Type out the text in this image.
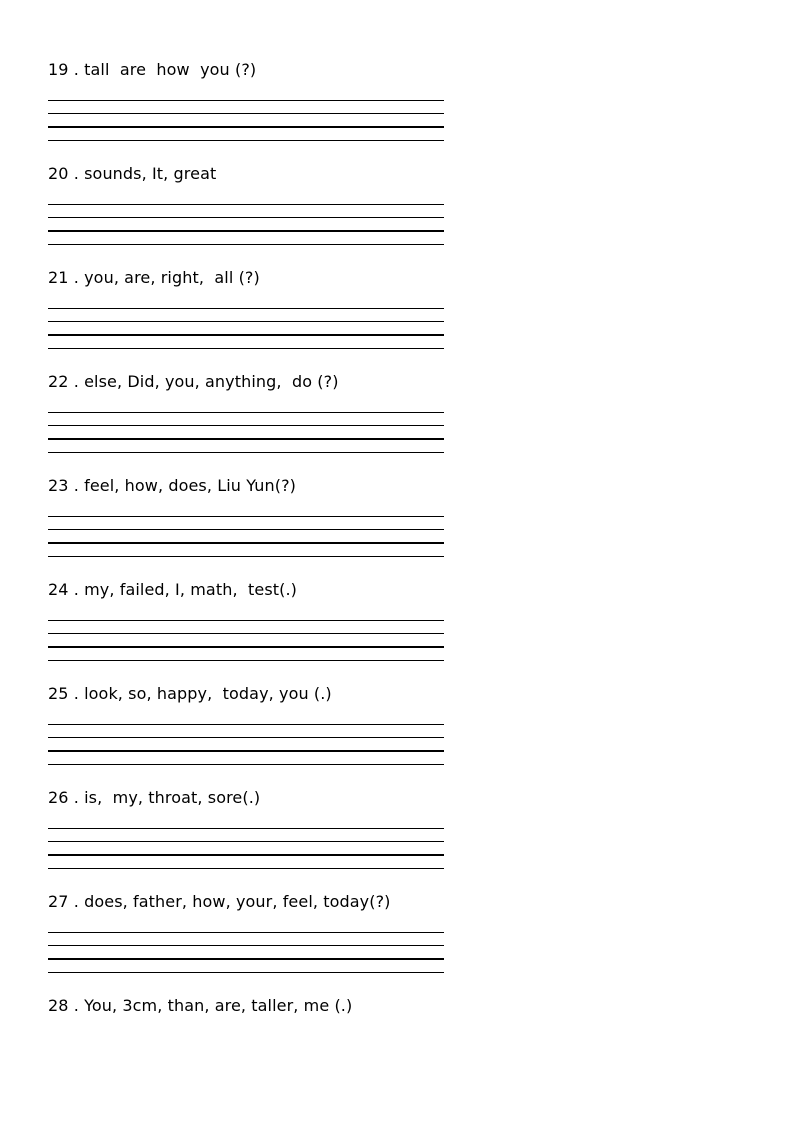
19 . tall  are  how  you (?)
20 . sounds, It, great
21 . you, are, right,  all (?)
22 . else, Did, you, anything,  do (?)
23 . feel, how, does, Liu Yun(?)
24 . my, failed, I, math,  test(.)
25 . look, so, happy,  today, you (.)
26 . is,  my, throat, sore(.)
27 . does, father, how, your, feel, today(?)
28 . You, 3cm, than, are, taller, me (.)
